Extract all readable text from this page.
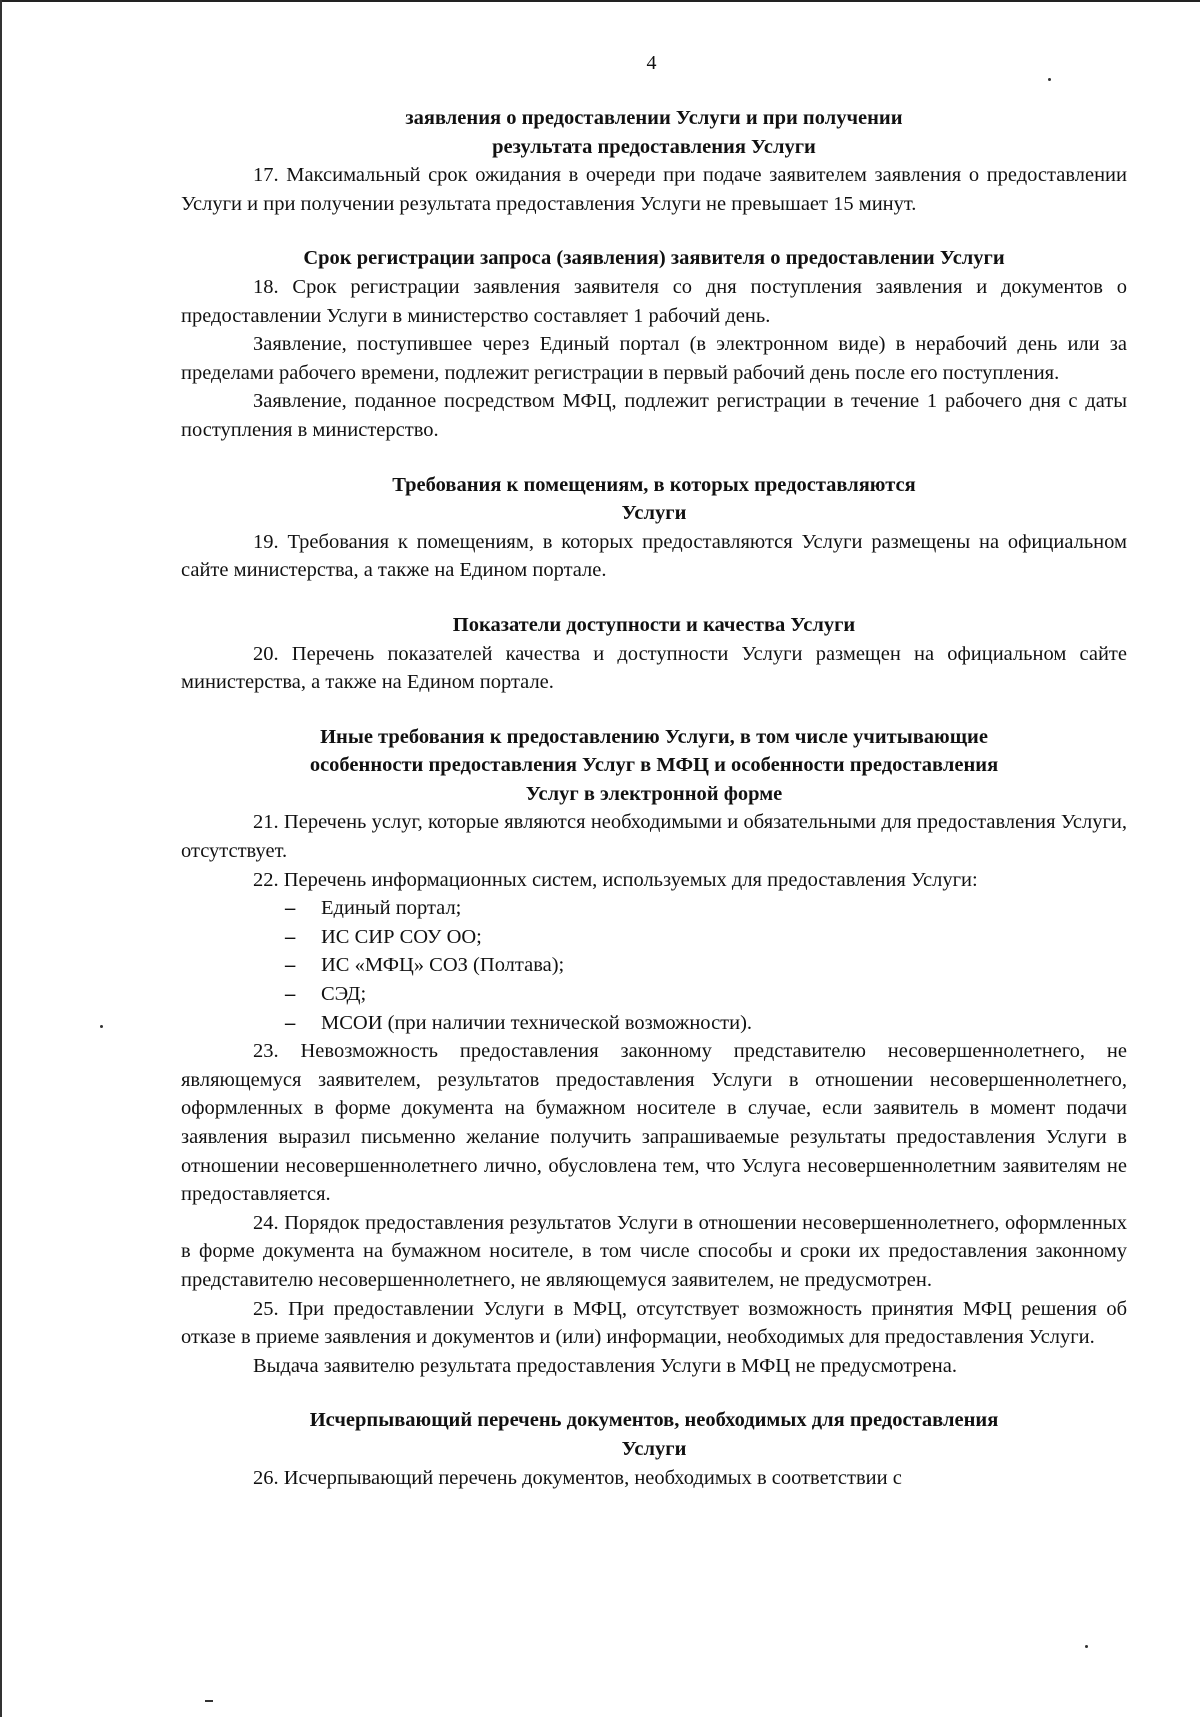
4
заявления о предоставлении Услуги и при получении
результата предоставления Услуги

17. Максимальный срок ожидания в очереди при подаче заявителем заявления о предоставлении Услуги и при получении результата предоставления Услуги не превышает 15 минут.

Срок регистрации запроса (заявления) заявителя о предоставлении Услуги

18. Срок регистрации заявления заявителя со дня поступления заявления и документов о предоставлении Услуги в министерство составляет 1 рабочий день.

Заявление, поступившее через Единый портал (в электронном виде) в нерабочий день или за пределами рабочего времени, подлежит регистрации в первый рабочий день после его поступления.

Заявление, поданное посредством МФЦ, подлежит регистрации в течение 1 рабочего дня с даты поступления в министерство.

Требования к помещениям, в которых предоставляются
Услуги

19. Требования к помещениям, в которых предоставляются Услуги размещены на официальном сайте министерства, а также на Едином портале.

Показатели доступности и качества Услуги

20. Перечень показателей качества и доступности Услуги размещен на официальном сайте министерства, а также на Едином портале.

Иные требования к предоставлению Услуги, в том числе учитывающие
особенности предоставления Услуг в МФЦ и особенности предоставления
Услуг в электронной форме

21. Перечень услуг, которые являются необходимыми и обязательными для предоставления Услуги, отсутствует.

22. Перечень информационных систем, используемых для предоставления Услуги:

– Единый портал;
– ИС СИР СОУ ОО;
– ИС «МФЦ» СОЗ (Полтава);
– СЭД;
– МСОИ (при наличии технической возможности).

23. Невозможность предоставления законному представителю несовершеннолетнего, не являющемуся заявителем, результатов предоставления Услуги в отношении несовершеннолетнего, оформленных в форме документа на бумажном носителе в случае, если заявитель в момент подачи заявления выразил письменно желание получить запрашиваемые результаты предоставления Услуги в отношении несовершеннолетнего лично, обусловлена тем, что Услуга несовершеннолетним заявителям не предоставляется.

24. Порядок предоставления результатов Услуги в отношении несовершеннолетнего, оформленных в форме документа на бумажном носителе, в том числе способы и сроки их предоставления законному представителю несовершеннолетнего, не являющемуся заявителем, не предусмотрен.

25. При предоставлении Услуги в МФЦ, отсутствует возможность принятия МФЦ решения об отказе в приеме заявления и документов и (или) информации, необходимых для предоставления Услуги.

Выдача заявителю результата предоставления Услуги в МФЦ не предусмотрена.

Исчерпывающий перечень документов, необходимых для предоставления
Услуги

26. Исчерпывающий перечень документов, необходимых в соответствии с
